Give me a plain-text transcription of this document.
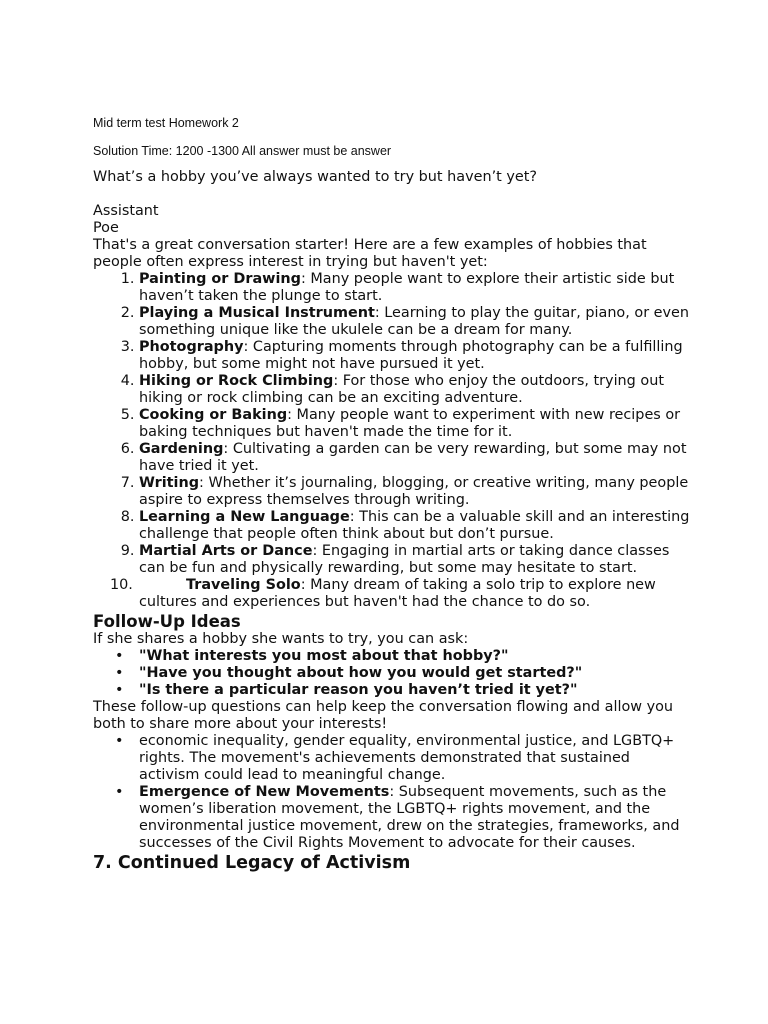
Mid term test Homework 2
Solution Time: 1200 -1300 All answer must be answer

What’s a hobby you’ve always wanted to try but haven’t yet?

Assistant

Poe

That's a great conversation starter! Here are a few examples of hobbies that people often express interest in trying but haven't yet:

1. Painting or Drawing: Many people want to explore their artistic side but haven’t taken the plunge to start.
2. Playing a Musical Instrument: Learning to play the guitar, piano, or even something unique like the ukulele can be a dream for many.
3. Photography: Capturing moments through photography can be a fulfilling hobby, but some might not have pursued it yet.
4. Hiking or Rock Climbing: For those who enjoy the outdoors, trying out hiking or rock climbing can be an exciting adventure.
5. Cooking or Baking: Many people want to experiment with new recipes or baking techniques but haven't made the time for it.
6. Gardening: Cultivating a garden can be very rewarding, but some may not have tried it yet.
7. Writing: Whether it’s journaling, blogging, or creative writing, many people aspire to express themselves through writing.
8. Learning a New Language: This can be a valuable skill and an interesting challenge that people often think about but don’t pursue.
9. Martial Arts or Dance: Engaging in martial arts or taking dance classes can be fun and physically rewarding, but some may hesitate to start.
10.	Traveling Solo: Many dream of taking a solo trip to explore new cultures and experiences but haven't had the chance to do so.
Follow-Up Ideas

If she shares a hobby she wants to try, you can ask:

• "What interests you most about that hobby?"
• "Have you thought about how you would get started?"
• "Is there a particular reason you haven’t tried it yet?"

These follow-up questions can help keep the conversation flowing and allow you both to share more about your interests!

• economic inequality, gender equality, environmental justice, and LGBTQ+ rights. The movement's achievements demonstrated that sustained activism could lead to meaningful change.
• Emergence of New Movements: Subsequent movements, such as the women’s liberation movement, the LGBTQ+ rights movement, and the environmental justice movement, drew on the strategies, frameworks, and successes of the Civil Rights Movement to advocate for their causes.
7. Continued Legacy of Activism
